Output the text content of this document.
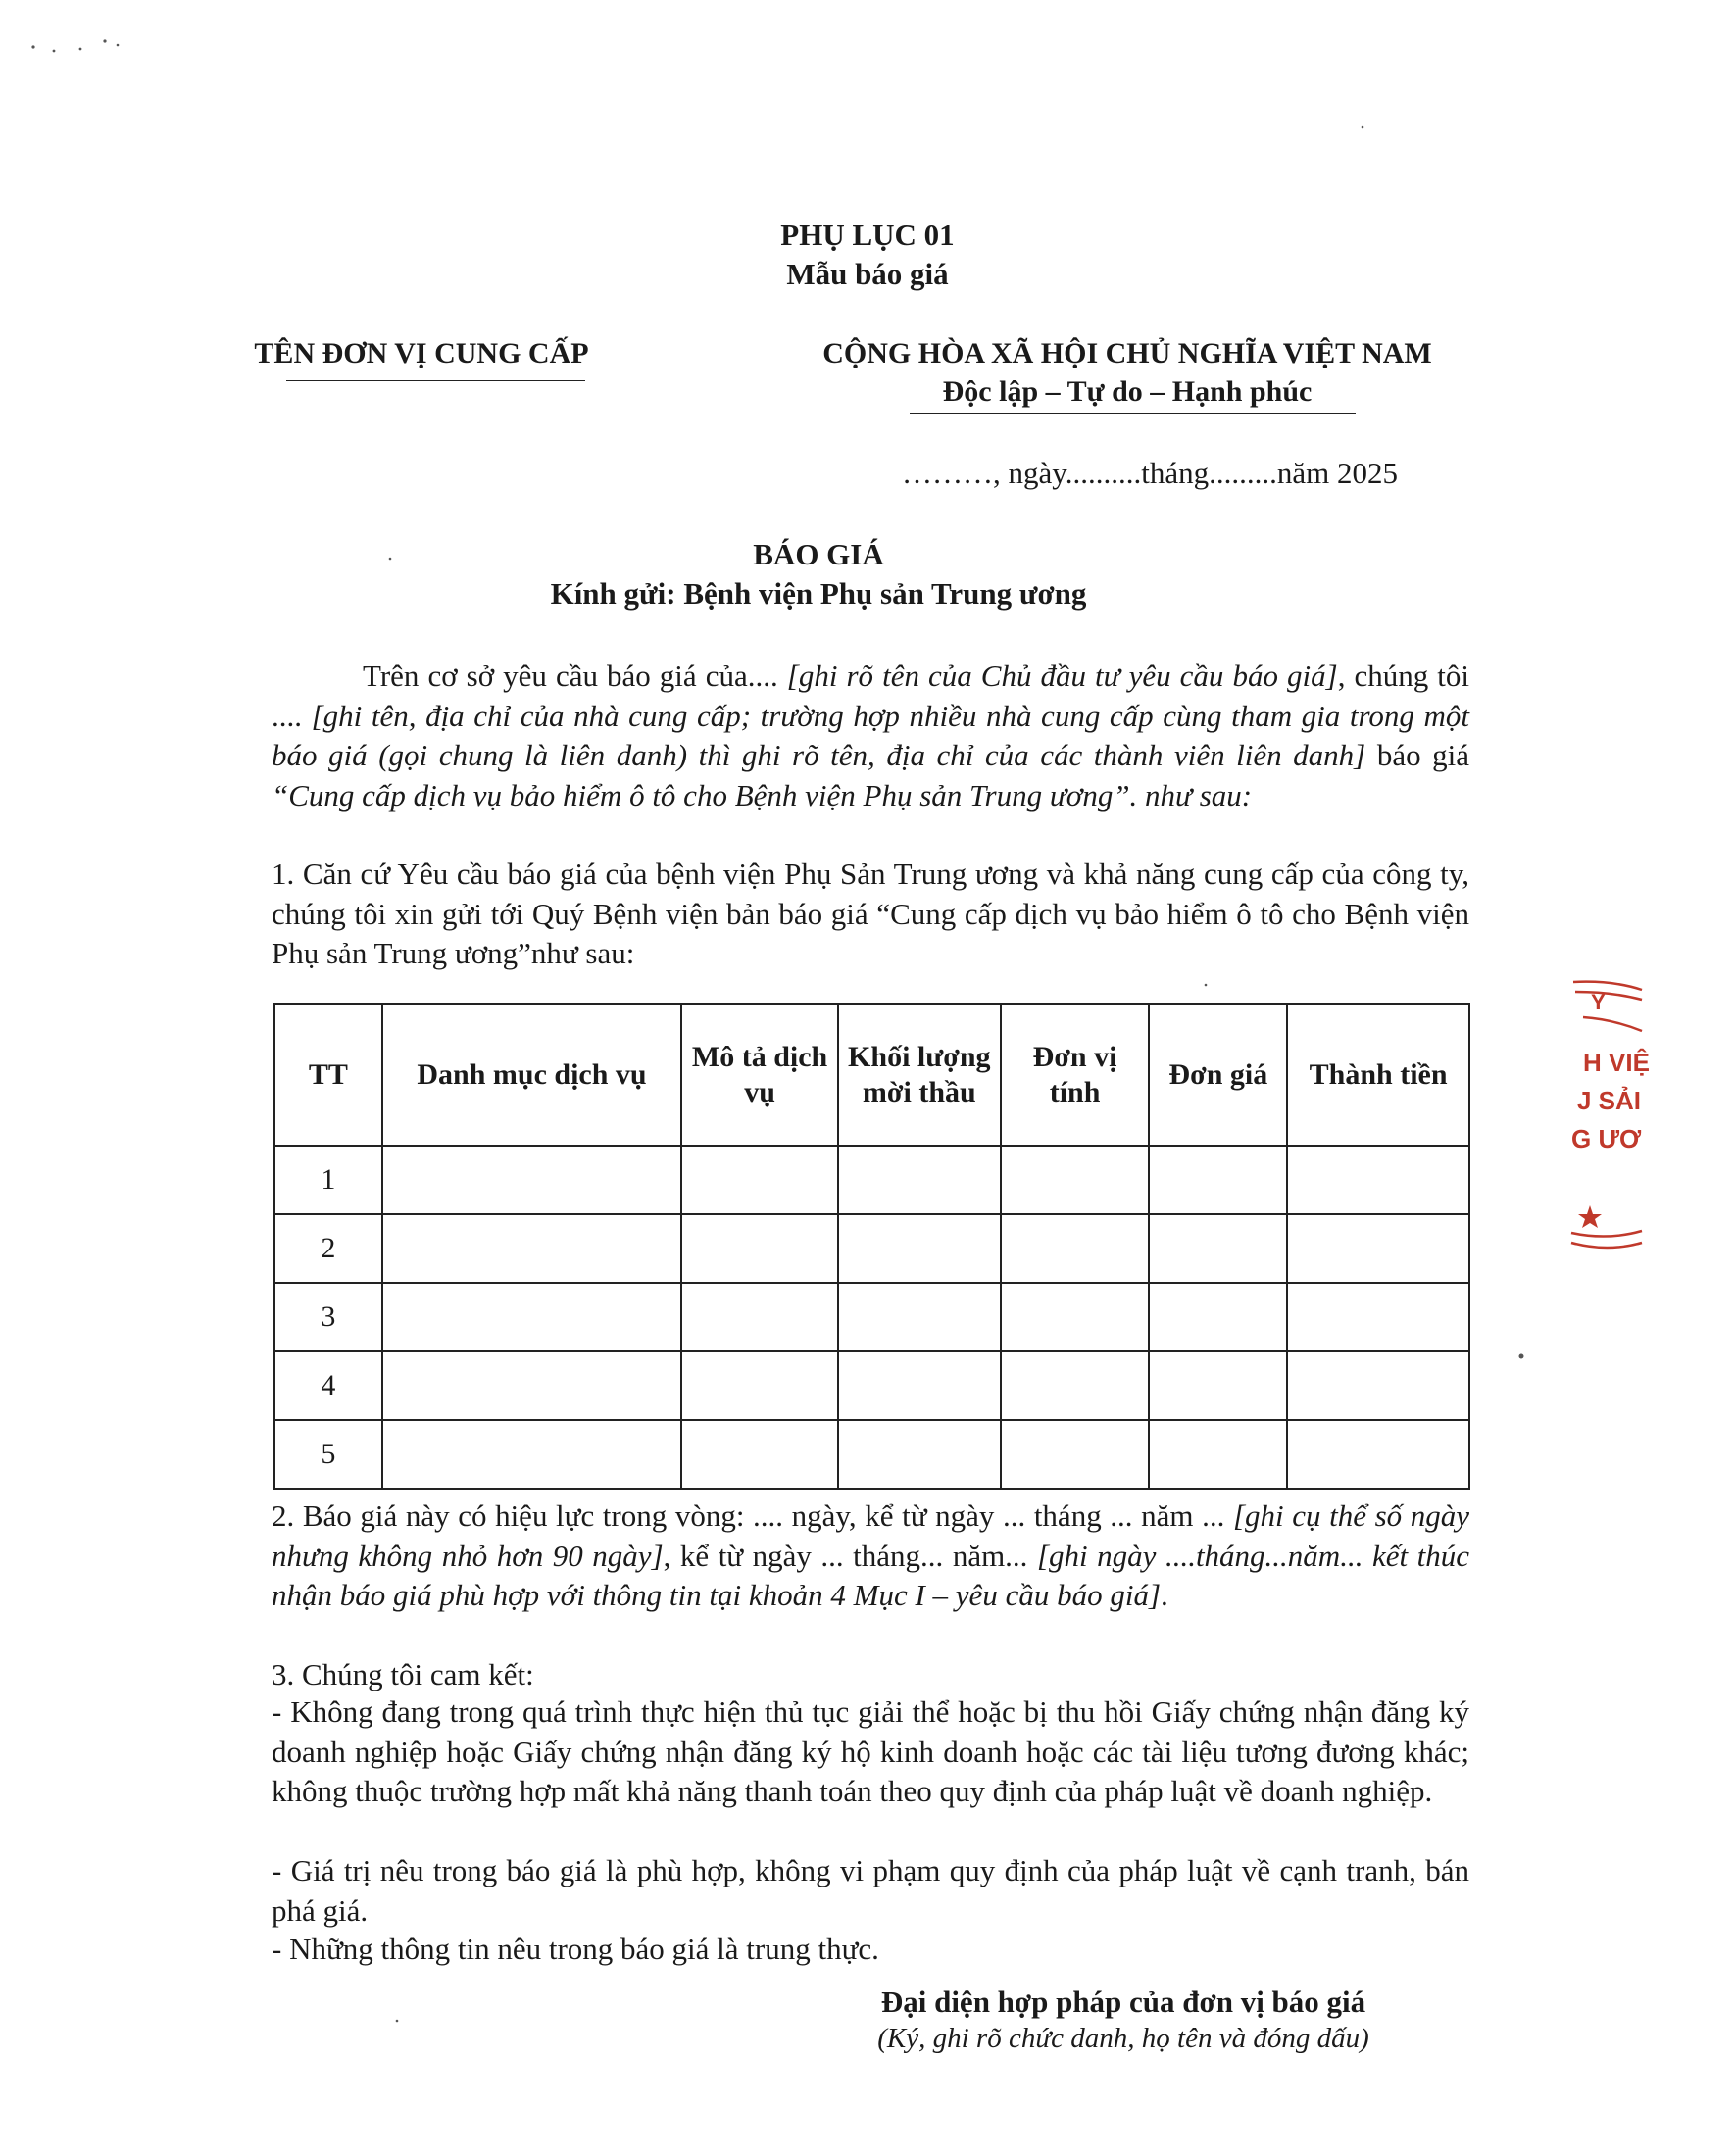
PHỤ LỤC 01
Mẫu báo giá
TÊN ĐƠN VỊ CUNG CẤP	CỘNG HÒA XÃ HỘI CHỦ NGHĨA VIỆT NAM
Độc lập – Tự do – Hạnh phúc
………, ngày..........tháng.........năm 2025
BÁO GIÁ
Kính gửi: Bệnh viện Phụ sản Trung ương

Trên cơ sở yêu cầu báo giá của.... [ghi rõ tên của Chủ đầu tư yêu cầu báo giá], chúng tôi .... [ghi tên, địa chỉ của nhà cung cấp; trường hợp nhiều nhà cung cấp cùng tham gia trong một báo giá (gọi chung là liên danh) thì ghi rõ tên, địa chỉ của các thành viên liên danh] báo giá “Cung cấp dịch vụ bảo hiểm ô tô cho Bệnh viện Phụ sản Trung ương”. như sau:

1. Căn cứ Yêu cầu báo giá của bệnh viện Phụ Sản Trung ương và khả năng cung cấp của công ty, chúng tôi xin gửi tới Quý Bệnh viện bản báo giá “Cung cấp dịch vụ bảo hiểm ô tô cho Bệnh viện Phụ sản Trung ương”như sau:

TT	Danh mục dịch vụ	Mô tả dịch vụ	Khối lượng mời thầu	Đơn vị tính	Đơn giá	Thành tiền
1						
2						
3						
4						
5						

2. Báo giá này có hiệu lực trong vòng: .... ngày, kể từ ngày ... tháng ... năm ... [ghi cụ thể số ngày nhưng không nhỏ hơn 90 ngày], kể từ ngày ... tháng... năm... [ghi ngày ....tháng...năm... kết thúc nhận báo giá phù hợp với thông tin tại khoản 4 Mục I – yêu cầu báo giá].

3. Chúng tôi cam kết:

- Không đang trong quá trình thực hiện thủ tục giải thể hoặc bị thu hồi Giấy chứng nhận đăng ký doanh nghiệp hoặc Giấy chứng nhận đăng ký hộ kinh doanh hoặc các tài liệu tương đương khác; không thuộc trường hợp mất khả năng thanh toán theo quy định của pháp luật về doanh nghiệp.

- Giá trị nêu trong báo giá là phù hợp, không vi phạm quy định của pháp luật về cạnh tranh, bán phá giá.

- Những thông tin nêu trong báo giá là trung thực.

Đại diện hợp pháp của đơn vị báo giá
(Ký, ghi rõ chức danh, họ tên và đóng dấu)
Y
H VIỆ
J SẢI
G ƯƠ
